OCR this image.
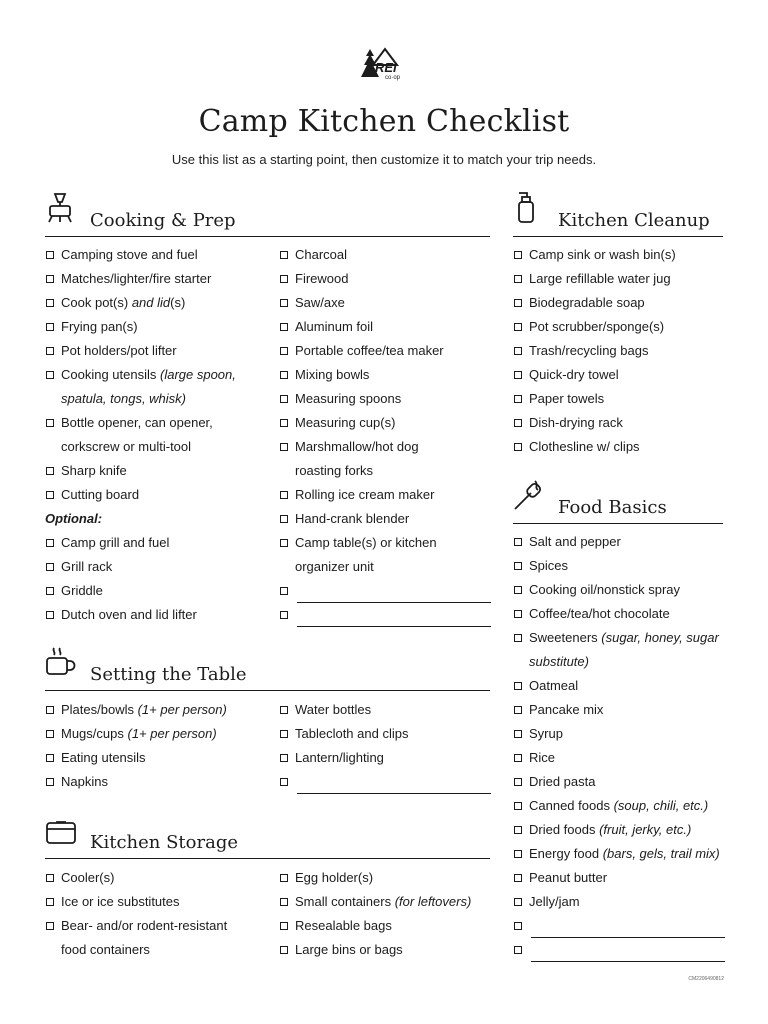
REI
co·op
Camp Kitchen Checklist
Use this list as a starting point, then customize it to match your trip needs.
Cooking & Prep
Camping stove and fuel
Matches/lighter/fire starter
Cook pot(s) and lid(s)
Frying pan(s)
Pot holders/pot lifter
Cooking utensils (large spoon,
spatula, tongs, whisk)
Bottle opener, can opener,
corkscrew or multi-tool
Sharp knife
Cutting board
Optional:
Camp grill and fuel
Grill rack
Griddle
Dutch oven and lid lifter
Charcoal
Firewood
Saw/axe
Aluminum foil
Portable coffee/tea maker
Mixing bowls
Measuring spoons
Measuring cup(s)
Marshmallow/hot dog
roasting forks
Rolling ice cream maker
Hand-crank blender
Camp table(s) or kitchen
organizer unit
Setting the Table
Plates/bowls (1+ per person)
Mugs/cups (1+ per person)
Eating utensils
Napkins
Water bottles
Tablecloth and clips
Lantern/lighting
Kitchen Storage
Cooler(s)
Ice or ice substitutes
Bear- and/or rodent-resistant
food containers
Egg holder(s)
Small containers (for leftovers)
Resealable bags
Large bins or bags
Kitchen Cleanup
Camp sink or wash bin(s)
Large refillable water jug
Biodegradable soap
Pot scrubber/sponge(s)
Trash/recycling bags
Quick-dry towel
Paper towels
Dish-drying rack
Clothesline w/ clips
Food Basics
Salt and pepper
Spices
Cooking oil/nonstick spray
Coffee/tea/hot chocolate
Sweeteners (sugar, honey, sugar
substitute)
Oatmeal
Pancake mix
Syrup
Rice
Dried pasta
Canned foods (soup, chili, etc.)
Dried foods (fruit, jerky, etc.)
Energy food (bars, gels, trail mix)
Peanut butter
Jelly/jam
CM2206490812
